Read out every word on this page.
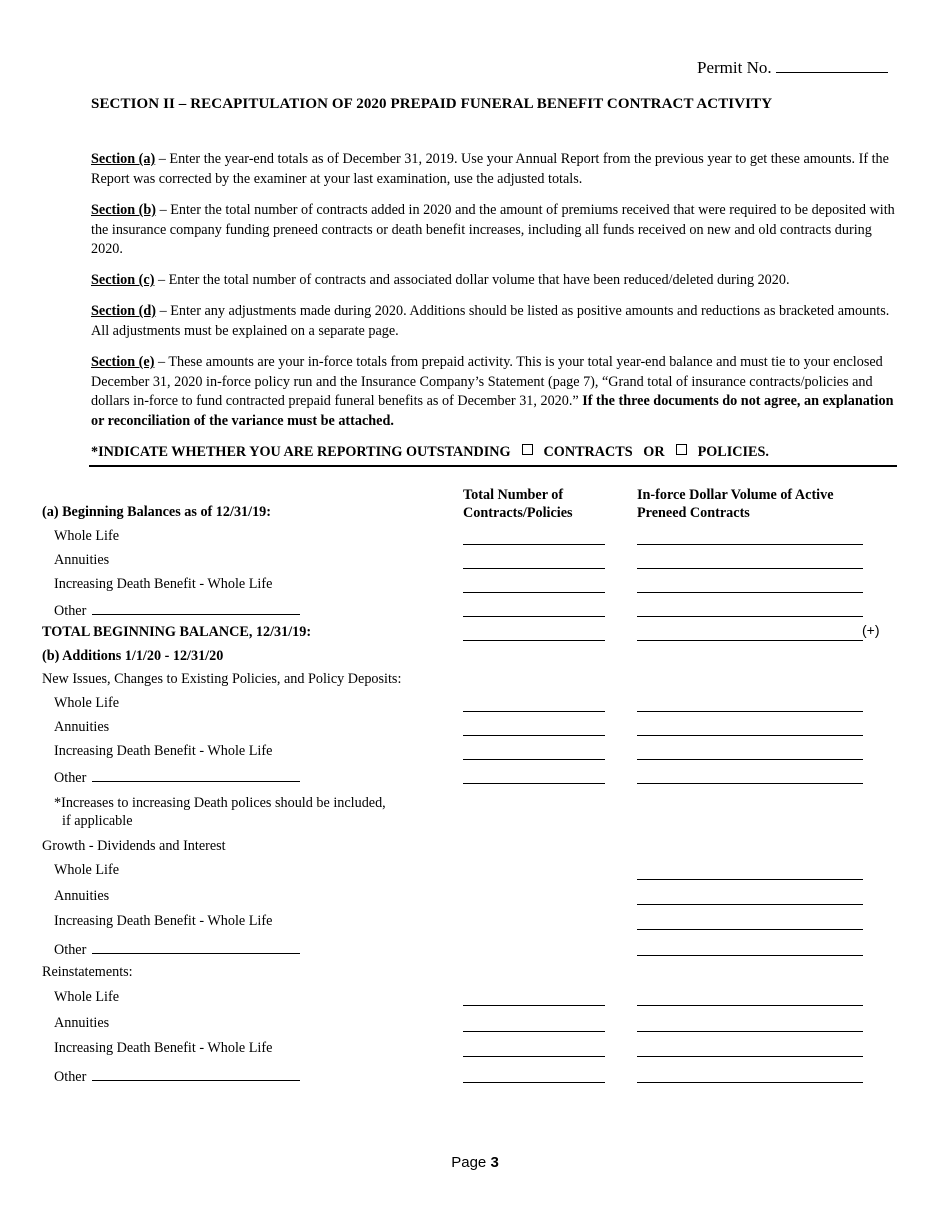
Permit No.
SECTION II – RECAPITULATION OF 2020 PREPAID FUNERAL BENEFIT CONTRACT ACTIVITY
Section (a) – Enter the year-end totals as of December 31, 2019. Use your Annual Report from the previous year to get these amounts. If the Report was corrected by the examiner at your last examination, use the adjusted totals.
Section (b) – Enter the total number of contracts added in 2020 and the amount of premiums received that were required to be deposited with the insurance company funding preneed contracts or death benefit increases, including all funds received on new and old contracts during 2020.
Section (c) – Enter the total number of contracts and associated dollar volume that have been reduced/deleted during 2020.
Section (d) – Enter any adjustments made during 2020. Additions should be listed as positive amounts and reductions as bracketed amounts. All adjustments must be explained on a separate page.
Section (e) – These amounts are your in-force totals from prepaid activity. This is your total year-end balance and must tie to your enclosed December 31, 2020 in-force policy run and the Insurance Company’s Statement (page 7), “Grand total of insurance contracts/policies and dollars in-force to fund contracted prepaid funeral benefits as of December 31, 2020.” If the three documents do not agree, an explanation or reconciliation of the variance must be attached.
*INDICATE WHETHER YOU ARE REPORTING OUTSTANDING CONTRACTS OR POLICIES.
Total Number of Contracts/Policies
In-force Dollar Volume of Active Preneed Contracts
(a) Beginning Balances as of 12/31/19:
Whole Life
Annuities
Increasing Death Benefit - Whole Life
Other
TOTAL BEGINNING BALANCE, 12/31/19:	(+)
(b) Additions 1/1/20 - 12/31/20
New Issues, Changes to Existing Policies, and Policy Deposits:
Whole Life
Annuities
Increasing Death Benefit - Whole Life
Other
*Increases to increasing Death polices should be included,
if applicable
Growth - Dividends and Interest
Whole Life
Annuities
Increasing Death Benefit - Whole Life
Other
Reinstatements:
Whole Life
Annuities
Increasing Death Benefit - Whole Life
Other
Page 3
